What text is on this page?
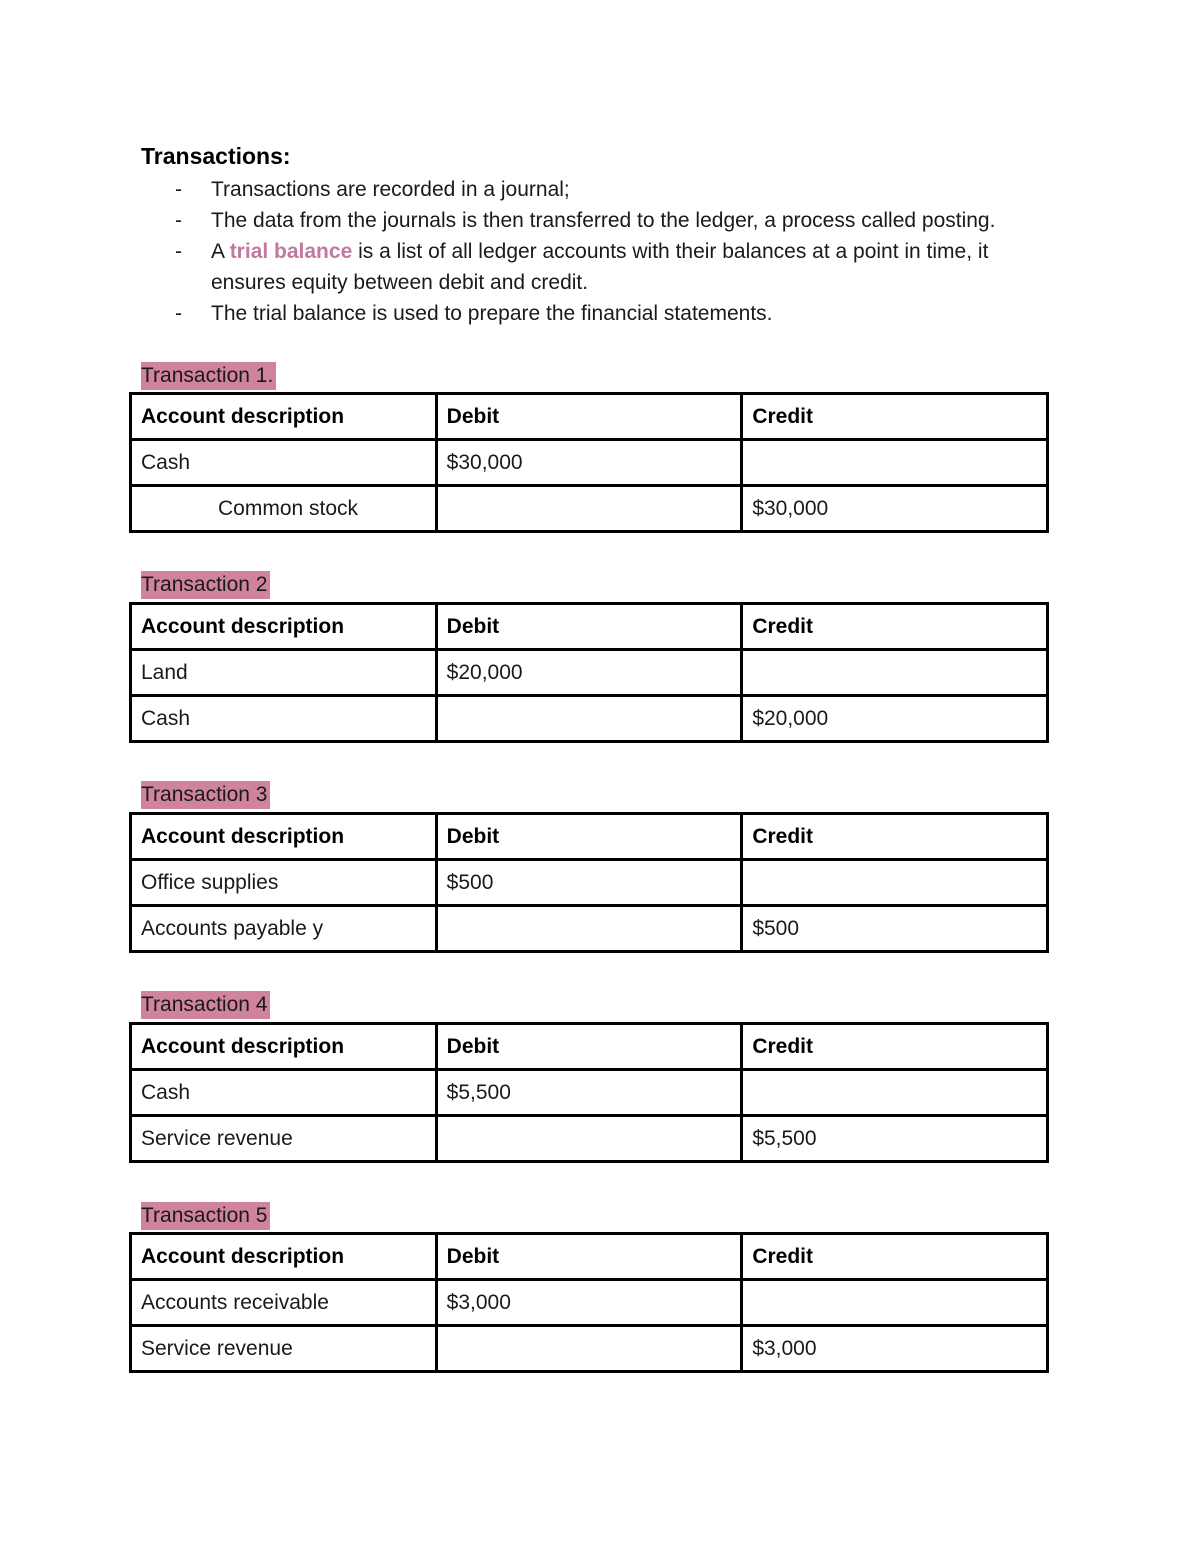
Transactions:
- Transactions are recorded in a journal;
- The data from the journals is then transferred to the ledger, a process called posting.
- A trial balance is a list of all ledger accounts with their balances at a point in time, it ensures equity between debit and credit.
- The trial balance is used to prepare the financial statements.
Transaction 1.
Account description	Debit	Credit
Cash	$30,000	
Common stock		$30,000
Transaction 2
Account description	Debit	Credit
Land	$20,000	
Cash		$20,000
Transaction 3
Account description	Debit	Credit
Office supplies	$500	
Accounts payable y		$500
Transaction 4
Account description	Debit	Credit
Cash	$5,500	
Service revenue		$5,500
Transaction 5
Account description	Debit	Credit
Accounts receivable	$3,000	
Service revenue		$3,000
